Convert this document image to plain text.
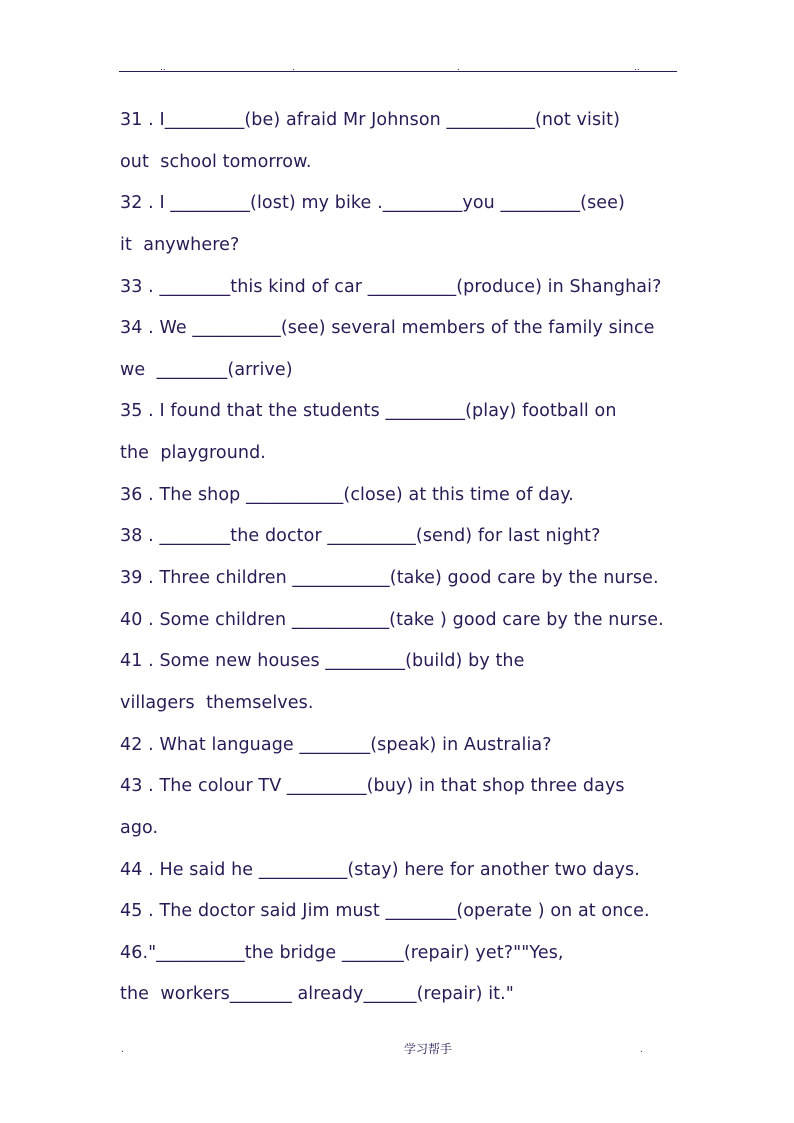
..	.	.	..
31 . I_________(be) afraid Mr Johnson __________(not visit)
out  school tomorrow.
32 . I _________(lost) my bike ._________you _________(see)
it  anywhere?
33 . ________this kind of car __________(produce) in Shanghai?
34 . We __________(see) several members of the family since
we  ________(arrive)
35 . I found that the students _________(play) football on
the  playground.
36 . The shop ___________(close) at this time of day.
38 . ________the doctor __________(send) for last night?
39 . Three children ___________(take) good care by the nurse.
40 . Some children ___________(take ) good care by the nurse.
41 . Some new houses _________(build) by the
villagers  themselves.
42 . What language ________(speak) in Australia?
43 . The colour TV _________(buy) in that shop three days
ago.
44 . He said he __________(stay) here for another two days.
45 . The doctor said Jim must ________(operate ) on at once.
46."__________the bridge _______(repair) yet?""Yes,
the  workers_______ already______(repair) it."
.	学习帮手	.
